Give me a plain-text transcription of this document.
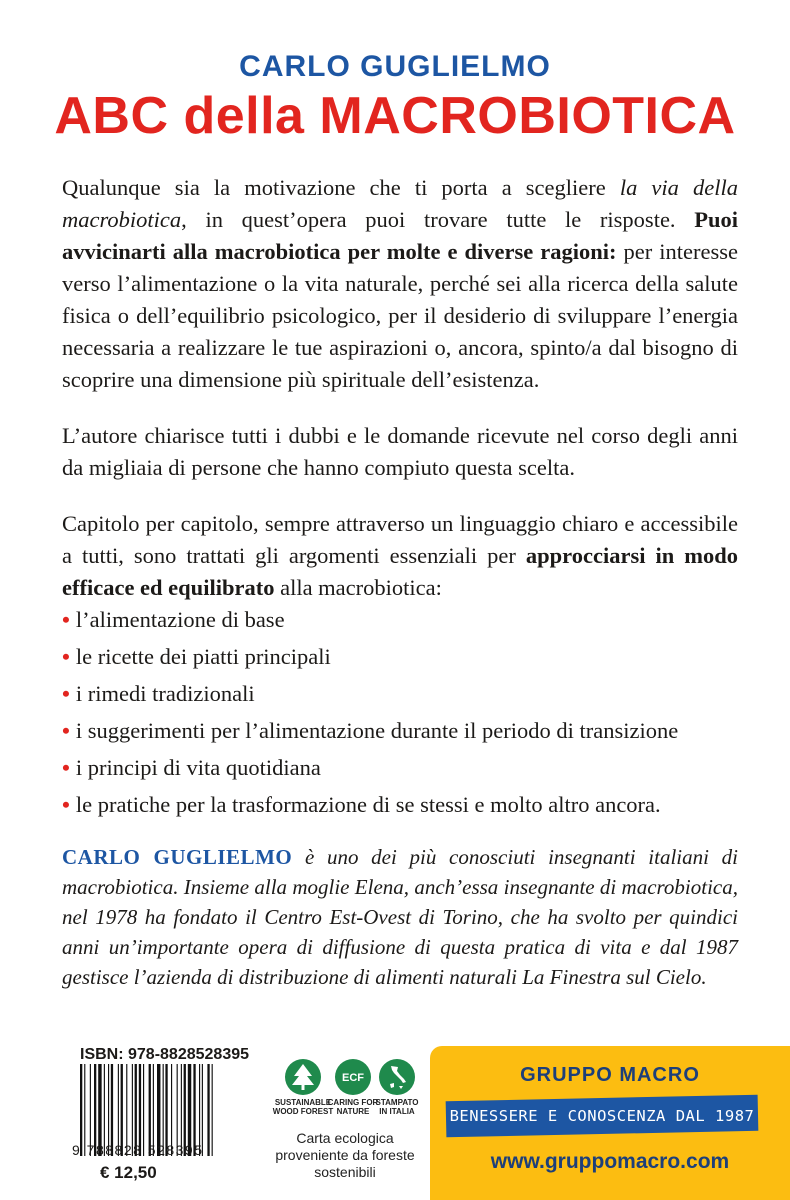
CARLO GUGLIELMO
ABC della MACROBIOTICA

Qualunque sia la motivazione che ti porta a scegliere la via della macrobiotica, in quest’opera puoi trovare tutte le risposte. Puoi avvicinarti alla macrobiotica per molte e diverse ragioni: per interesse verso l’alimentazione o la vita naturale, perché sei alla ricerca della salute fisica o dell’equilibrio psicologico, per il desiderio di sviluppare l’energia necessaria a realizzare le tue aspirazioni o, ancora, spinto/a dal bisogno di scoprire una dimensione più spirituale dell’esistenza.

L’autore chiarisce tutti i dubbi e le domande ricevute nel corso degli anni da migliaia di persone che hanno compiuto questa scelta.

Capitolo per capitolo, sempre attraverso un linguaggio chiaro e accessibile a tutti, sono trattati gli argomenti essenziali per approcciarsi in modo efficace ed equilibrato alla macrobiotica:

• l’alimentazione di base
• le ricette dei piatti principali
• i rimedi tradizionali
• i suggerimenti per l’alimentazione durante il periodo di transizione
• i principi di vita quotidiana
• le pratiche per la trasformazione di se stessi e molto altro ancora.
CARLO GUGLIELMO è uno dei più conosciuti insegnanti italiani di macrobiotica. Insieme alla moglie Elena, anch’essa insegnante di macrobiotica, nel 1978 ha fondato il Centro Est-Ovest di Torino, che ha svolto per quindici anni un’importante opera di diffusione di questa pratica di vita e dal 1987 gestisce l’azienda di distribuzione di alimenti naturali La Finestra sul Cielo.
ISBN: 978-8828528395
9 788828 528395
€ 12,50
SUSTAINABLE
WOOD FOREST
ECF
CARING FOR
NATURE
STAMPATO
IN ITALIA
Carta ecologica proveniente da foreste sostenibili
GRUPPO MACRO
BENESSERE E CONOSCENZA DAL 1987
www.gruppomacro.com
